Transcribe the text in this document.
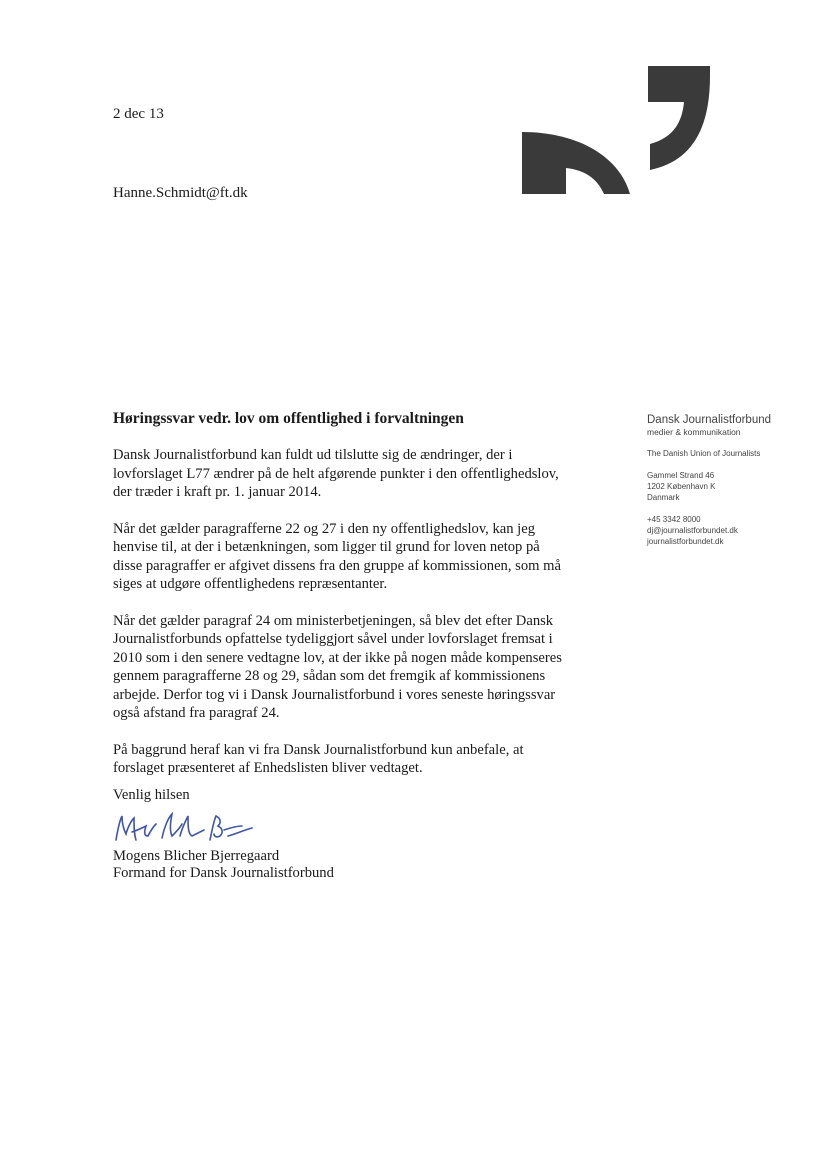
2 dec 13
Hanne.Schmidt@ft.dk
Høringssvar vedr. lov om offentlighed i forvaltningen

Dansk Journalistforbund kan fuldt ud tilslutte sig de ændringer, der i lovforslaget L77 ændrer på de helt afgørende punkter i den offentlighedslov, der træder i kraft pr. 1. januar 2014.

Når det gælder paragrafferne 22 og 27 i den ny offentlighedslov, kan jeg henvise til, at der i betænkningen, som ligger til grund for loven netop på disse paragraffer er afgivet dissens fra den gruppe af kommissionen, som må siges at udgøre offentlighedens repræsentanter.

Når det gælder paragraf 24 om ministerbetjeningen, så blev det efter Dansk Journalistforbunds opfattelse tydeliggjort såvel under lovforslaget fremsat i 2010 som i den senere vedtagne lov, at der ikke på nogen måde kompenseres gennem paragrafferne 28 og 29, sådan som det fremgik af kommissionens arbejde. Derfor tog vi i Dansk Journalistforbund i vores seneste høringssvar også afstand fra paragraf 24.

På baggrund heraf kan vi fra Dansk Journalistforbund kun anbefale, at forslaget præsenteret af Enhedslisten bliver vedtaget.

Venlig hilsen
Mogens Blicher Bjerregaard
Formand for Dansk Journalistforbund
Dansk Journalistforbund
medier & kommunikation
The Danish Union of Journalists
Gammel Strand 46
1202 København K
Danmark
+45 3342 8000
dj@journalistforbundet.dk
journalistforbundet.dk
